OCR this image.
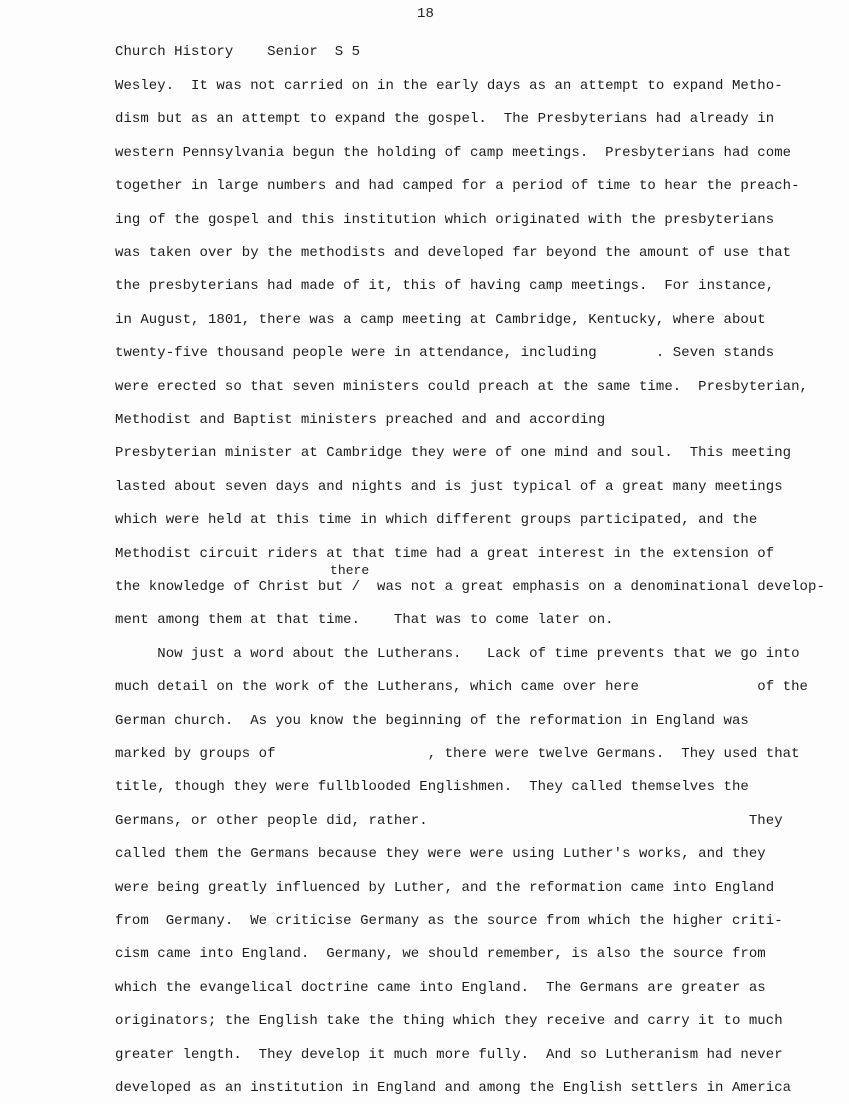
18
Church History    Senior  S 5
there
Wesley.  It was not carried on in the early days as an attempt to expand Metho-
dism but as an attempt to expand the gospel.  The Presbyterians had already in
western Pennsylvania begun the holding of camp meetings.  Presbyterians had come
together in large numbers and had camped for a period of time to hear the preach-
ing of the gospel and this institution which originated with the presbyterians
was taken over by the methodists and developed far beyond the amount of use that
the presbyterians had made of it, this of having camp meetings.  For instance,
in August, 1801, there was a camp meeting at Cambridge, Kentucky, where about
twenty-five thousand people were in attendance, including       . Seven stands
were erected so that seven ministers could preach at the same time.  Presbyterian,
Methodist and Baptist ministers preached and and according
Presbyterian minister at Cambridge they were of one mind and soul.  This meeting
lasted about seven days and nights and is just typical of a great many meetings
which were held at this time in which different groups participated, and the
Methodist circuit riders at that time had a great interest in the extension of
the knowledge of Christ but /  was not a great emphasis on a denominational develop-
ment among them at that time.    That was to come later on.
Now just a word about the Lutherans.   Lack of time prevents that we go into
much detail on the work of the Lutherans, which came over here              of the
German church.  As you know the beginning of the reformation in England was
marked by groups of                  , there were twelve Germans.  They used that
title, though they were fullblooded Englishmen.  They called themselves the
Germans, or other people did, rather.                                      They
called them the Germans because they were were using Luther's works, and they
were being greatly influenced by Luther, and the reformation came into England
from  Germany.  We criticise Germany as the source from which the higher criti-
cism came into England.  Germany, we should remember, is also the source from
which the evangelical doctrine came into England.  The Germans are greater as
originators; the English take the thing which they receive and carry it to much
greater length.  They develop it much more fully.  And so Lutheranism had never
developed as an institution in England and among the English settlers in America
